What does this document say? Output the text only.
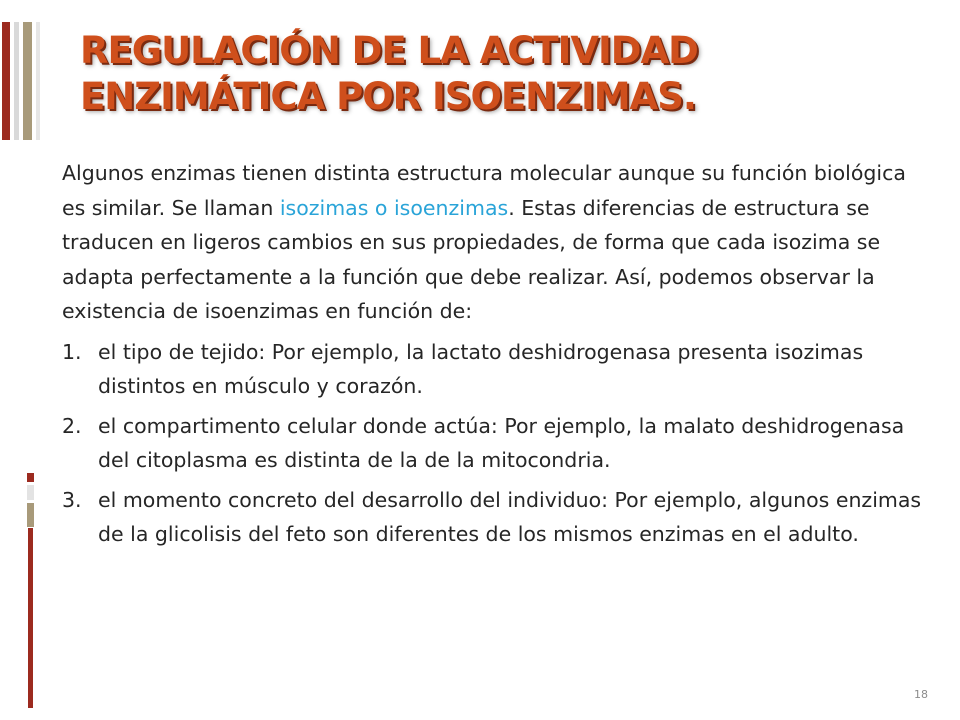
REGULACIÓN DE LA ACTIVIDAD
ENZIMÁTICA POR ISOENZIMAS.

Algunos enzimas tienen distinta estructura molecular aunque su función biológica es similar. Se llaman isozimas o isoenzimas. Estas diferencias de estructura se traducen en ligeros cambios en sus propiedades, de forma que cada isozima se adapta perfectamente a la función que debe realizar. Así, podemos observar la existencia de isoenzimas en función de:

1. el tipo de tejido: Por ejemplo, la lactato deshidrogenasa presenta isozimas distintos en músculo y corazón.
2. el compartimento celular donde actúa: Por ejemplo, la malato deshidrogenasa del citoplasma es distinta de la de la mitocondria.
3. el momento concreto del desarrollo del individuo: Por ejemplo, algunos enzimas de la glicolisis del feto son diferentes de los mismos enzimas en el adulto.
18
